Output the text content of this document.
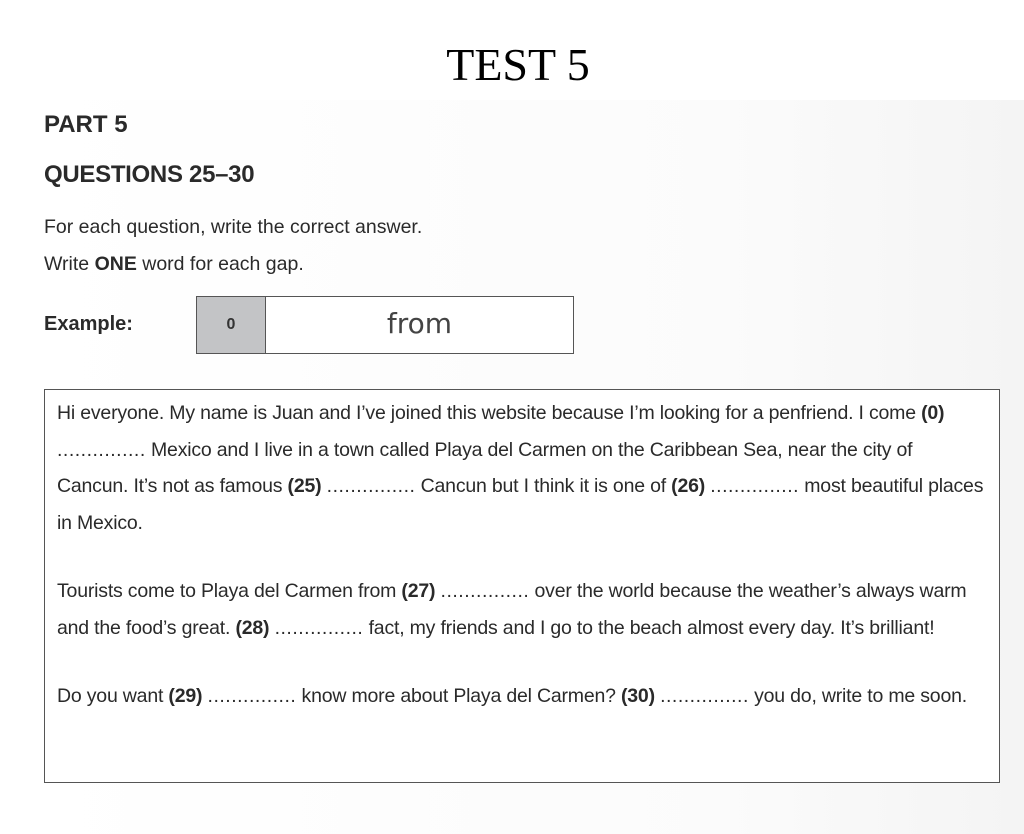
TEST 5
PART 5
QUESTIONS 25–30
For each question, write the correct answer.
Write ONE word for each gap.
Example:	0	from

Hi everyone. My name is Juan and I’ve joined this website because I’m looking for a penfriend. I come (0) ............... Mexico and I live in a town called Playa del Carmen on the Caribbean Sea, near the city of Cancun. It’s not as famous (25) ............... Cancun but I think it is one of (26) ............... most beautiful places in Mexico.

Tourists come to Playa del Carmen from (27) ............... over the world because the weather’s always warm and the food’s great. (28) ............... fact, my friends and I go to the beach almost every day. It’s brilliant!

Do you want (29) ............... know more about Playa del Carmen? (30) ............... you do, write to me soon.
